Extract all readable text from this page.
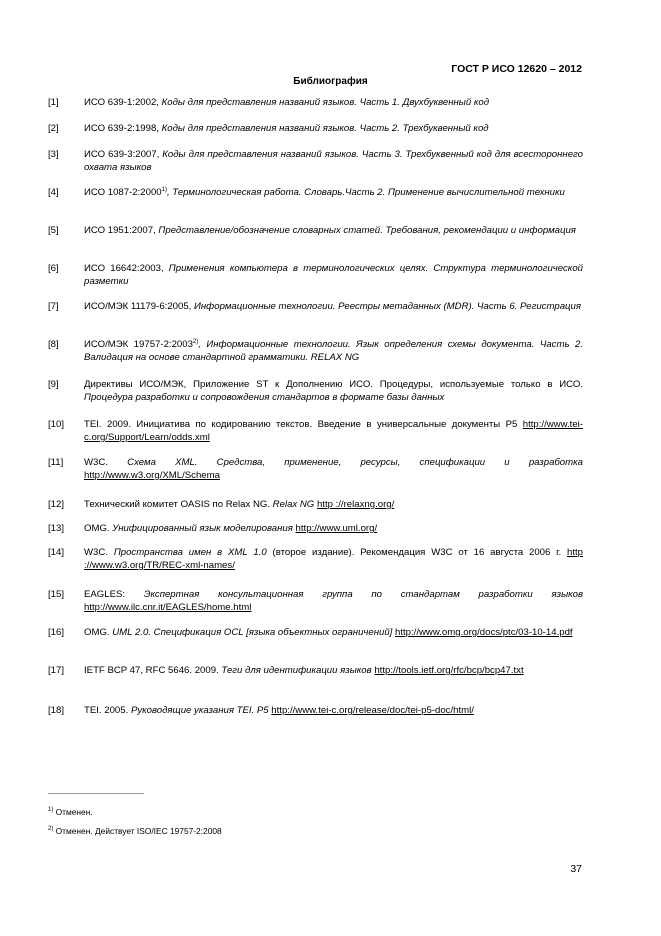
ГОСТ Р ИСО 12620 – 2012
Библиография
[1]	ИСО 639-1:2002, Коды для представления названий языков. Часть 1. Двухбуквенный код
[2]	ИСО 639-2:1998, Коды для представления названий языков. Часть 2. Трехбуквенный код
[3]	ИСО 639-3:2007, Коды для представления названий языков. Часть 3. Трехбуквенный код для всестороннего охвата языков
[4]	ИСО 1087-2:2000$^{1)}$, Терминологическая работа. Словарь.Часть 2. Применение вычислительной техники
[5]	ИСО 1951:2007, Представление/обозначение словарных статей. Требования, рекомендации и информация
[6]	ИСО 16642:2003, Применения компьютера в терминологических целях. Структура терминологической разметки
[7]	ИСО/МЭК 11179-6:2005, Информационные технологии. Реестры метаданных (MDR). Часть 6. Регистрация
[8]	ИСО/МЭК 19757-2:2003$^{2)}$, Информационные технологии. Язык определения схемы документа. Часть 2. Валидация на основе стандартной грамматики. RELAX NG
[9]	Директивы ИСО/МЭК, Приложение ST к Дополнению ИСО. Процедуры, используемые только в ИСО. Процедура разработки и сопровождения стандартов в формате базы данных
[10]	TEI. 2009. Инициатива по кодированию текстов. Введение в универсальные документы P5 http://www.tei-c.org/Support/Learn/odds.xml
[11]	W3C. Схема XML. Средства, применение, ресурсы, спецификации и разработка http://www.w3.org/XML/Schema
[12]	Технический комитет OASIS по Relax NG. Relax NG http ://relaxng.org/
[13]	OMG. Унифицированный язык моделирования http://www.uml.org/
[14]	W3C. Пространства имен в XML 1.0 (второе издание). Рекомендация W3C от 16 августа 2006 г. http ://www.w3.org/TR/REC-xml-names/
[15]	EAGLES: Экспертная консультационная группа по стандартам разработки языков http://www.ilc.cnr.it/EAGLES/home.html
[16]	OMG. UML 2.0. Спецификация OCL [языка объектных ограничений] http://www.omg.org/docs/ptc/03-10-14.pdf
[17]	IETF BCP 47, RFC 5646. 2009. Теги для идентификации языков http://tools.ietf.org/rfc/bcp/bcp47.txt
[18]	TEI. 2005. Руководящие указания TEI. P5 http://www.tei-c.org/release/doc/tei-p5-doc/html/
$^{1)}$ Отменен.
$^{2)}$ Отменен. Действует ISO/IEC 19757-2:2008
37
